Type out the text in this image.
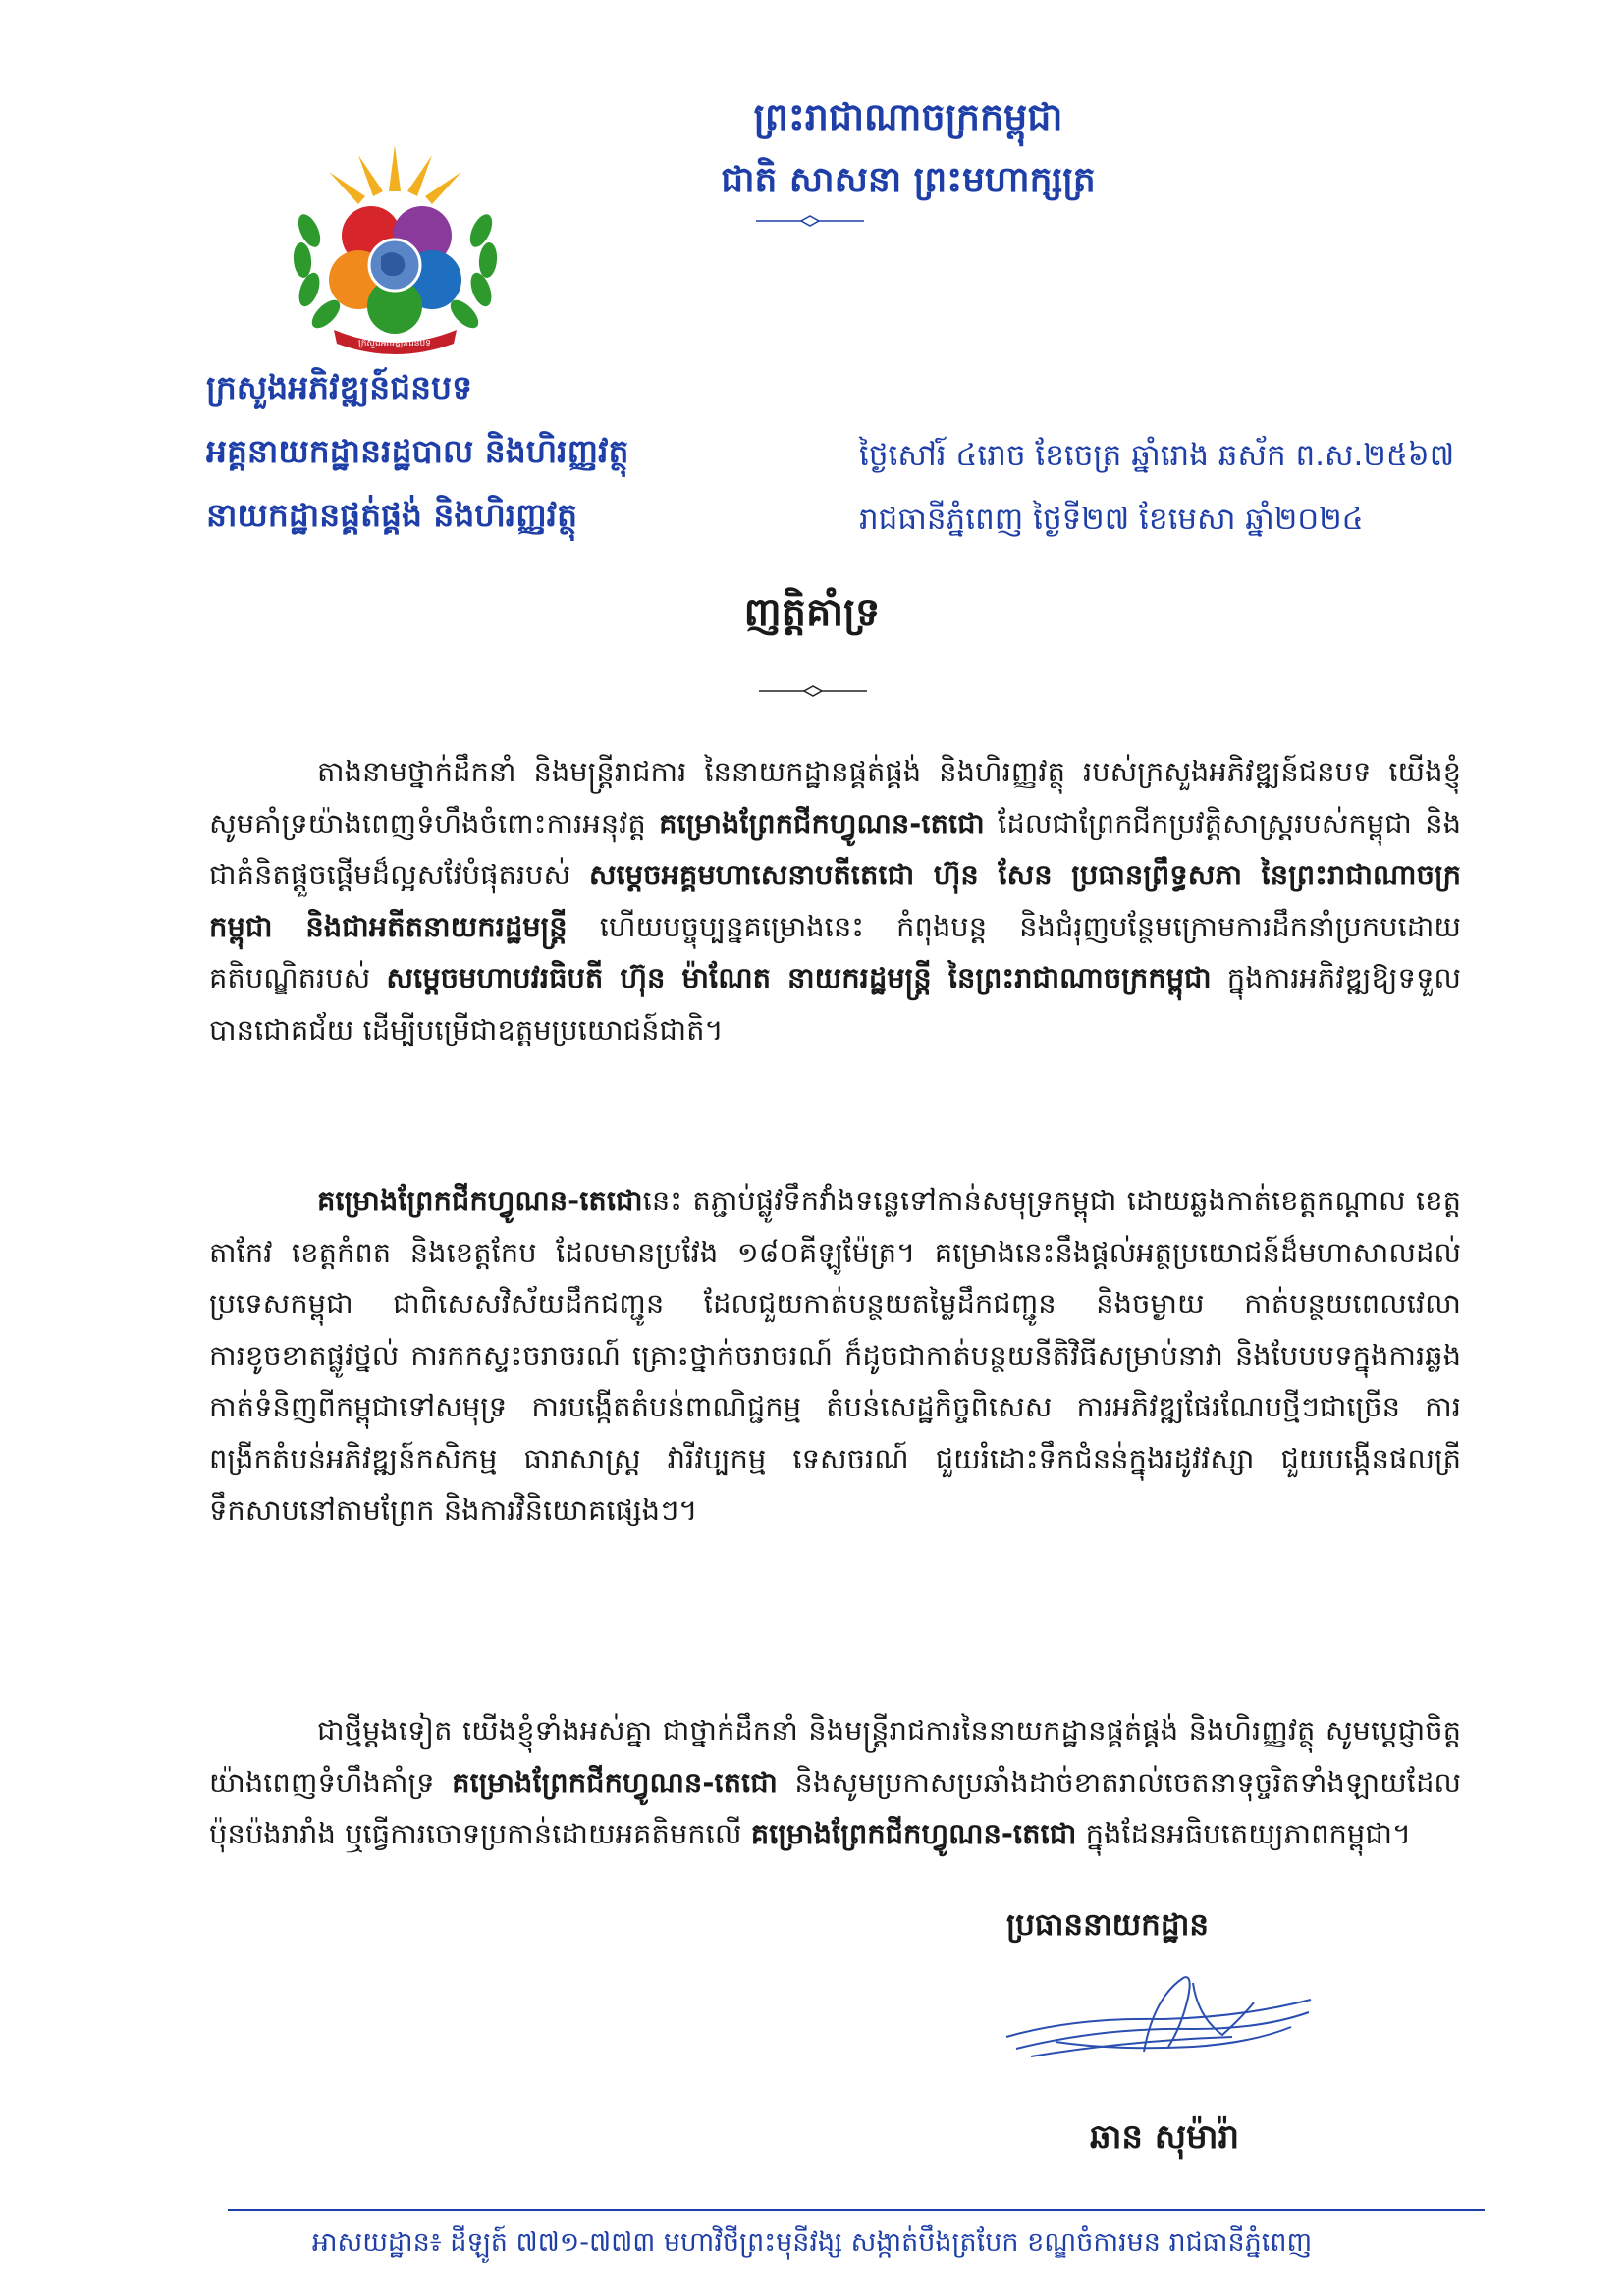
ព្រះរាជាណាចក្រកម្ពុជា
ជាតិ សាសនា ព្រះមហាក្សត្រ
ក្រសួងអភិវឌ្ឍន៍ជនបទ
ក្រសួងអភិវឌ្ឍន៍ជនបទ
អគ្គនាយកដ្ឋានរដ្ឋបាល និងហិរញ្ញវត្ថុ
នាយកដ្ឋានផ្គត់ផ្គង់ និងហិរញ្ញវត្ថុ
ថ្ងៃសៅរ៍ ៤រោច ខែចេត្រ ឆ្នាំរោង ឆស័ក ព.ស.២៥៦៧
រាជធានីភ្នំពេញ ថ្ងៃទី២៧ ខែមេសា ឆ្នាំ២០២៤
ញត្តិគាំទ្រ
តាងនាមថ្នាក់ដឹកនាំ និងមន្ត្រីរាជការ នៃនាយកដ្ឋានផ្គត់ផ្គង់ និងហិរញ្ញវត្ថុ របស់ក្រសួងអភិវឌ្ឍន៍ជនបទ យើងខ្ញុំសូមគាំទ្រយ៉ាងពេញទំហឹងចំពោះការអនុវត្ត គម្រោងព្រែកជីកហ្វូណន-តេជោ ដែលជាព្រែកជីកប្រវត្តិសាស្ត្ររបស់កម្ពុជា និងជាគំនិតផ្តួចផ្តើមដ៏ល្អសវែបំផុតរបស់ សម្តេចអគ្គមហាសេនាបតីតេជោ ហ៊ុន សែន ប្រធានព្រឹទ្ធសភា នៃព្រះរាជាណាចក្រកម្ពុជា និងជាអតីតនាយករដ្ឋមន្ត្រី ហើយបច្ចុប្បន្នគម្រោងនេះ កំពុងបន្ត និងជំរុញបន្ថែមក្រោមការដឹកនាំប្រកបដោយគតិបណ្ឌិតរបស់ សម្តេចមហាបវរធិបតី ហ៊ុន ម៉ាណែត នាយករដ្ឋមន្ត្រី នៃព្រះរាជាណាចក្រកម្ពុជា ក្នុងការអភិវឌ្ឍឱ្យទទួលបានជោគជ័យ ដើម្បីបម្រើជាឧត្តមប្រយោជន៍ជាតិ។
គម្រោងព្រែកជីកហ្វូណន-តេជោនេះ តភ្ជាប់ផ្លូវទឹកវាំងទន្លេទៅកាន់សមុទ្រកម្ពុជា ដោយឆ្លងកាត់ខេត្តកណ្តាល ខេត្តតាកែវ ខេត្តកំពត និងខេត្តកែប ដែលមានប្រវែង ១៨០គីឡូម៉ែត្រ។ គម្រោងនេះនឹងផ្តល់អត្ថប្រយោជន៍ដ៏មហាសាលដល់ប្រទេសកម្ពុជា ជាពិសេសវិស័យដឹកជញ្ជូន ដែលជួយកាត់បន្ថយតម្លៃដឹកជញ្ជូន និងចម្ងាយ កាត់បន្ថយពេលវេលា ការខូចខាតផ្លូវថ្នល់ ការកកស្ទះចរាចរណ៍ គ្រោះថ្នាក់ចរាចរណ៍ ក៏ដូចជាកាត់បន្ថយនីតិវិធីសម្រាប់នាវា និងបែបបទក្នុងការឆ្លងកាត់ទំនិញពីកម្ពុជាទៅសមុទ្រ ការបង្កើតតំបន់ពាណិជ្ជកម្ម តំបន់សេដ្ឋកិច្ចពិសេស ការអភិវឌ្ឍផែរណែបថ្មីៗជាច្រើន ការពង្រីកតំបន់អភិវឌ្ឍន៍កសិកម្ម ធារាសាស្ត្រ វារីវប្បកម្ម ទេសចរណ៍ ជួយរំដោះទឹកជំនន់ក្នុងរដូវវស្សា ជួយបង្កើនផលត្រីទឹកសាបនៅតាមព្រែក និងការវិនិយោគផ្សេងៗ។
ជាថ្មីម្តងទៀត យើងខ្ញុំទាំងអស់គ្នា ជាថ្នាក់ដឹកនាំ និងមន្ត្រីរាជការនៃនាយកដ្ឋានផ្គត់ផ្គង់ និងហិរញ្ញវត្ថុ សូមប្តេជ្ញាចិត្តយ៉ាងពេញទំហឹងគាំទ្រ គម្រោងព្រែកជីកហ្វូណន-តេជោ និងសូមប្រកាសប្រឆាំងដាច់ខាតរាល់ចេតនាទុច្ចរិតទាំងឡាយដែលប៉ុនប៉ងរារាំង ឬធ្វើការចោទប្រកាន់ដោយអគតិមកលើ គម្រោងព្រែកជីកហ្វូណន-តេជោ ក្នុងដែនអធិបតេយ្យភាពកម្ពុជា។
ប្រធាននាយកដ្ឋាន
ឆាន សុម៉ារ៉ា
អាសយដ្ឋាន៖ ដីឡូត៍ ៧៧១-៧៧៣ មហាវិថីព្រះមុនីវង្ស សង្កាត់បឹងត្របែក ខណ្ឌចំការមន រាជធានីភ្នំពេញ
